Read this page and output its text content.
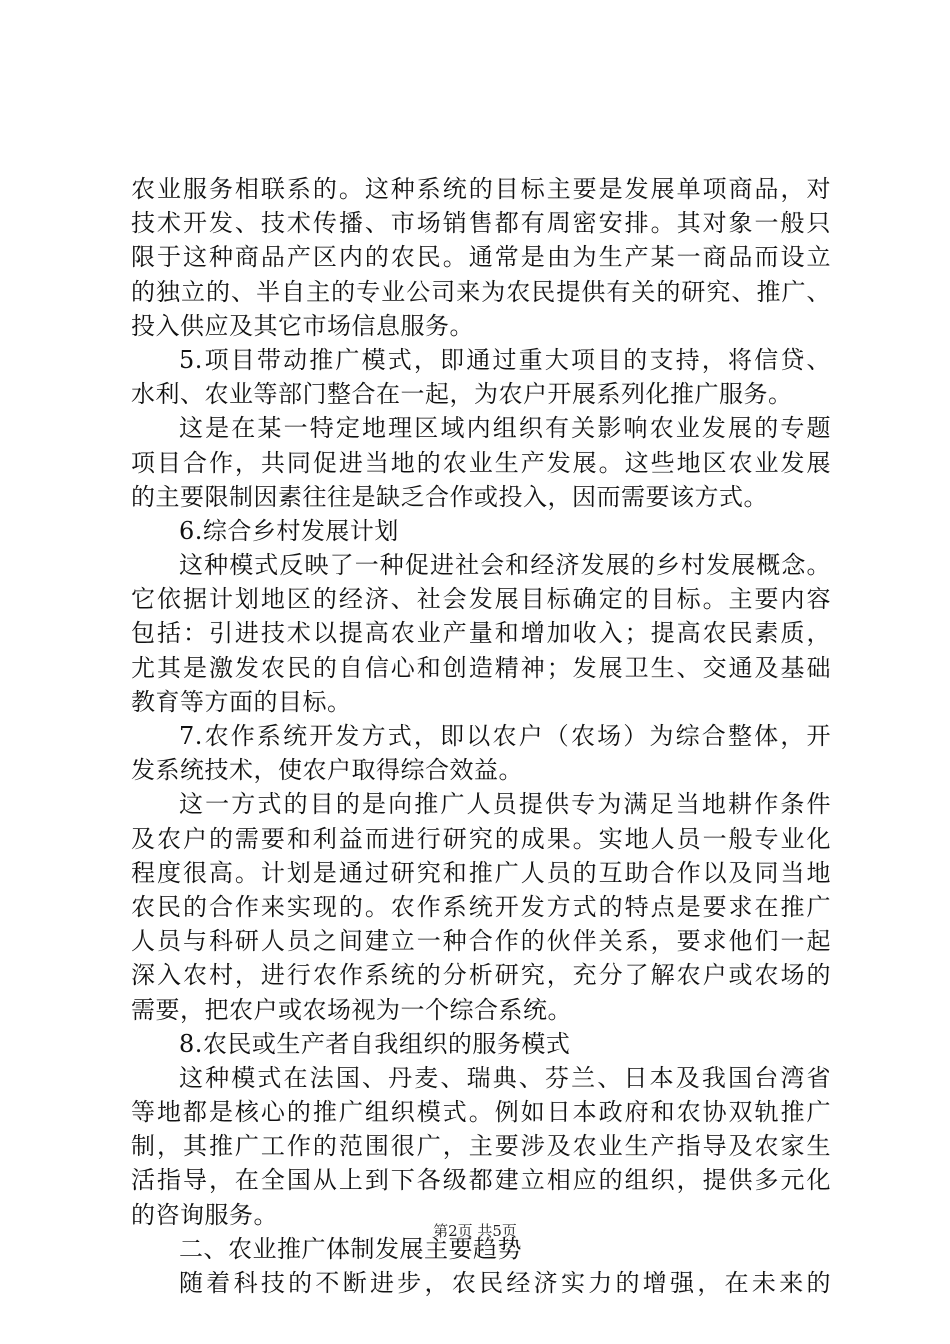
农业服务相联系的。这种系统的目标主要是发展单项商品，对
技术开发、技术传播、市场销售都有周密安排。其对象一般只
限于这种商品产区内的农民。通常是由为生产某一商品而设立
的独立的、半自主的专业公司来为农民提供有关的研究、推广、
投入供应及其它市场信息服务。
5.项目带动推广模式，即通过重大项目的支持，将信贷、
水利、农业等部门整合在一起，为农户开展系列化推广服务。
这是在某一特定地理区域内组织有关影响农业发展的专题
项目合作，共同促进当地的农业生产发展。这些地区农业发展
的主要限制因素往往是缺乏合作或投入，因而需要该方式。
6.综合乡村发展计划
这种模式反映了一种促进社会和经济发展的乡村发展概念。
它依据计划地区的经济、社会发展目标确定的目标。主要内容
包括：引进技术以提高农业产量和增加收入；提高农民素质，
尤其是激发农民的自信心和创造精神；发展卫生、交通及基础
教育等方面的目标。
7.农作系统开发方式，即以农户（农场）为综合整体，开
发系统技术，使农户取得综合效益。
这一方式的目的是向推广人员提供专为满足当地耕作条件
及农户的需要和利益而进行研究的成果。实地人员一般专业化
程度很高。计划是通过研究和推广人员的互助合作以及同当地
农民的合作来实现的。农作系统开发方式的特点是要求在推广
人员与科研人员之间建立一种合作的伙伴关系，要求他们一起
深入农村，进行农作系统的分析研究，充分了解农户或农场的
需要，把农户或农场视为一个综合系统。
8.农民或生产者自我组织的服务模式
这种模式在法国、丹麦、瑞典、芬兰、日本及我国台湾省
等地都是核心的推广组织模式。例如日本政府和农协双轨推广
制，其推广工作的范围很广，主要涉及农业生产指导及农家生
活指导，在全国从上到下各级都建立相应的组织，提供多元化
的咨询服务。
二、农业推广体制发展主要趋势
随着科技的不断进步，农民经济实力的增强，在未来的
第2页 共5页
